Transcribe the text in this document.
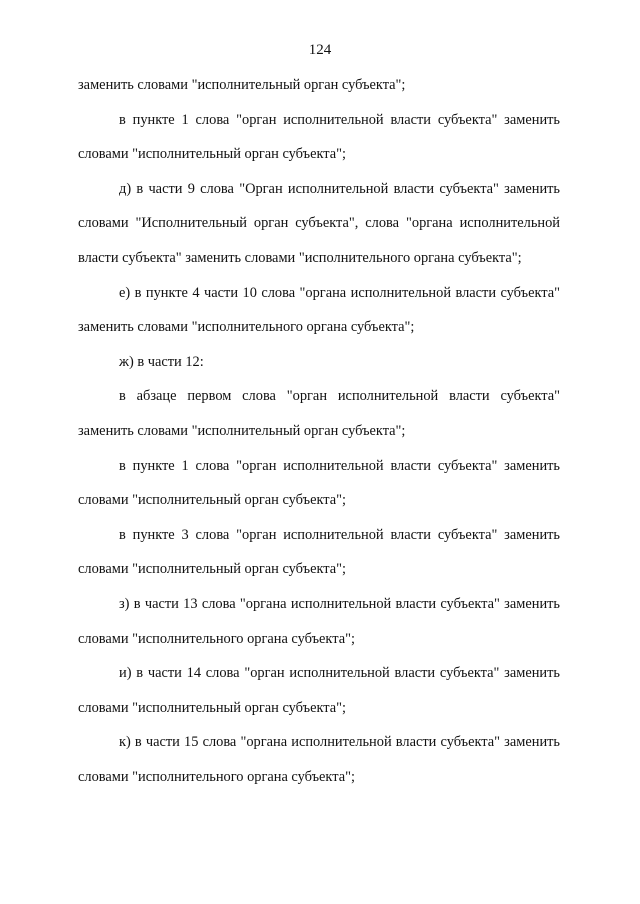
124

заменить словами "исполнительный орган субъекта";

в пункте 1 слова "орган исполнительной власти субъекта" заменить словами "исполнительный орган субъекта";

д) в части 9 слова "Орган исполнительной власти субъекта" заменить словами "Исполнительный орган субъекта", слова "органа исполнительной власти субъекта" заменить словами "исполнительного органа субъекта";

е) в пункте 4 части 10 слова "органа исполнительной власти субъекта" заменить словами "исполнительного органа субъекта";

ж) в части 12:

в абзаце первом слова "орган исполнительной власти субъекта" заменить словами "исполнительный орган субъекта";

в пункте 1 слова "орган исполнительной власти субъекта" заменить словами "исполнительный орган субъекта";

в пункте 3 слова "орган исполнительной власти субъекта" заменить словами "исполнительный орган субъекта";

з) в части 13 слова "органа исполнительной власти субъекта" заменить словами "исполнительного органа субъекта";

и) в части 14 слова "орган исполнительной власти субъекта" заменить словами "исполнительный орган субъекта";

к) в части 15 слова "органа исполнительной власти субъекта" заменить словами "исполнительного органа субъекта";
